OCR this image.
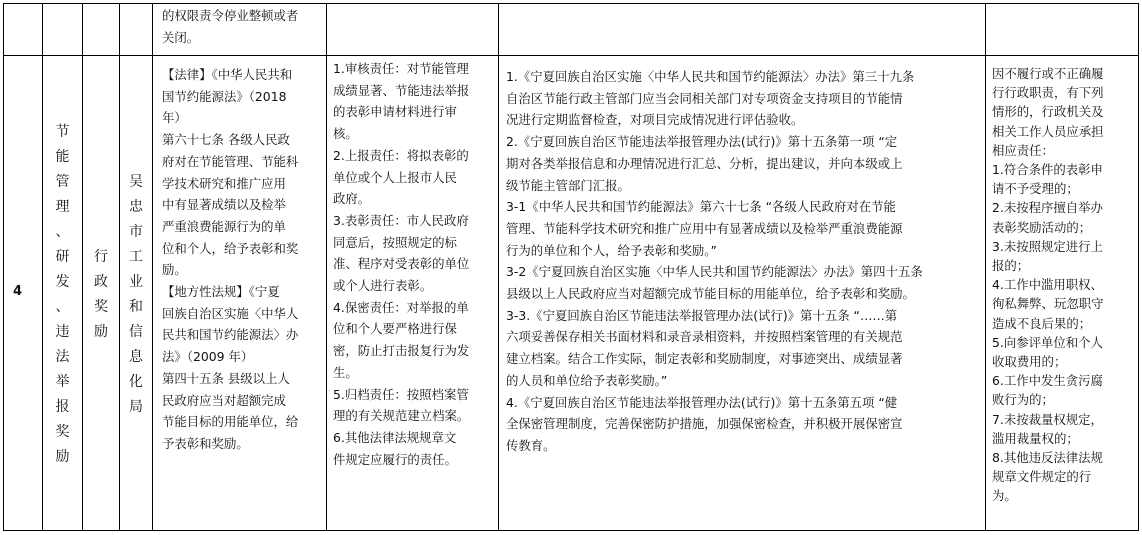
的权限责令停业整顿或者
关闭。
4
节
能
管
理
、
研
发
、
违
法
举
报
奖
励
行
政
奖
励
吴
忠
市
工
业
和
信
息
化
局

【法律】《中华人民共和
国节约能源法》（2018
年）

第六十七条 各级人民政
府对在节能管理、节能科
学技术研究和推广应用
中有显著成绩以及检举
严重浪费能源行为的单
位和个人，给予表彰和奖
励。

【地方性法规】《宁夏
回族自治区实施〈中华人
民共和国节约能源法〉办
法》（2009 年）

第四十五条 县级以上人
民政府应当对超额完成
节能目标的用能单位，给
予表彰和奖励。

1.审核责任：对节能管理
成绩显著、节能违法举报
的表彰申请材料进行审
核。

2.上报责任：将拟表彰的
单位或个人上报市人民
政府。

3.表彰责任：市人民政府
同意后，按照规定的标
准、程序对受表彰的单位
或个人进行表彰。

4.保密责任：对举报的单
位和个人要严格进行保
密，防止打击报复行为发
生。

5.归档责任：按照档案管
理的有关规范建立档案。

6.其他法律法规规章文
件规定应履行的责任。

1.《宁夏回族自治区实施〈中华人民共和国节约能源法〉办法》第三十九条
自治区节能行政主管部门应当会同相关部门对专项资金支持项目的节能情
况进行定期监督检查，对项目完成情况进行评估验收。

2.《宁夏回族自治区节能违法举报管理办法(试行)》第十五条第一项 “定
期对各类举报信息和办理情况进行汇总、分析，提出建议，并向本级或上
级节能主管部门汇报。

3-1《中华人民共和国节约能源法》第六十七条 “各级人民政府对在节能
管理、节能科学技术研究和推广应用中有显著成绩以及检举严重浪费能源
行为的单位和个人，给予表彰和奖励。”

3-2《宁夏回族自治区实施〈中华人民共和国节约能源法〉办法》第四十五条
县级以上人民政府应当对超额完成节能目标的用能单位，给予表彰和奖励。

3-3.《宁夏回族自治区节能违法举报管理办法(试行)》第十五条 “……第
六项妥善保存相关书面材料和录音录相资料，并按照档案管理的有关规范
建立档案。结合工作实际，制定表彰和奖励制度，对事迹突出、成绩显著
的人员和单位给予表彰奖励。”

4.《宁夏回族自治区节能违法举报管理办法(试行)》第十五条第五项 “健
全保密管理制度，完善保密防护措施，加强保密检查，并积极开展保密宣
传教育。

因不履行或不正确履
行行政职责，有下列
情形的，行政机关及
相关工作人员应承担
相应责任：

1.符合条件的表彰申
请不予受理的；

2.未按程序擅自举办
表彰奖励活动的；

3.未按照规定进行上
报的；

4.工作中滥用职权、
徇私舞弊、玩忽职守
造成不良后果的；

5.向参评单位和个人
收取费用的；

6.工作中发生贪污腐
败行为的；

7.未按裁量权规定，
滥用裁量权的；

8.其他违反法律法规
规章文件规定的行
为。
